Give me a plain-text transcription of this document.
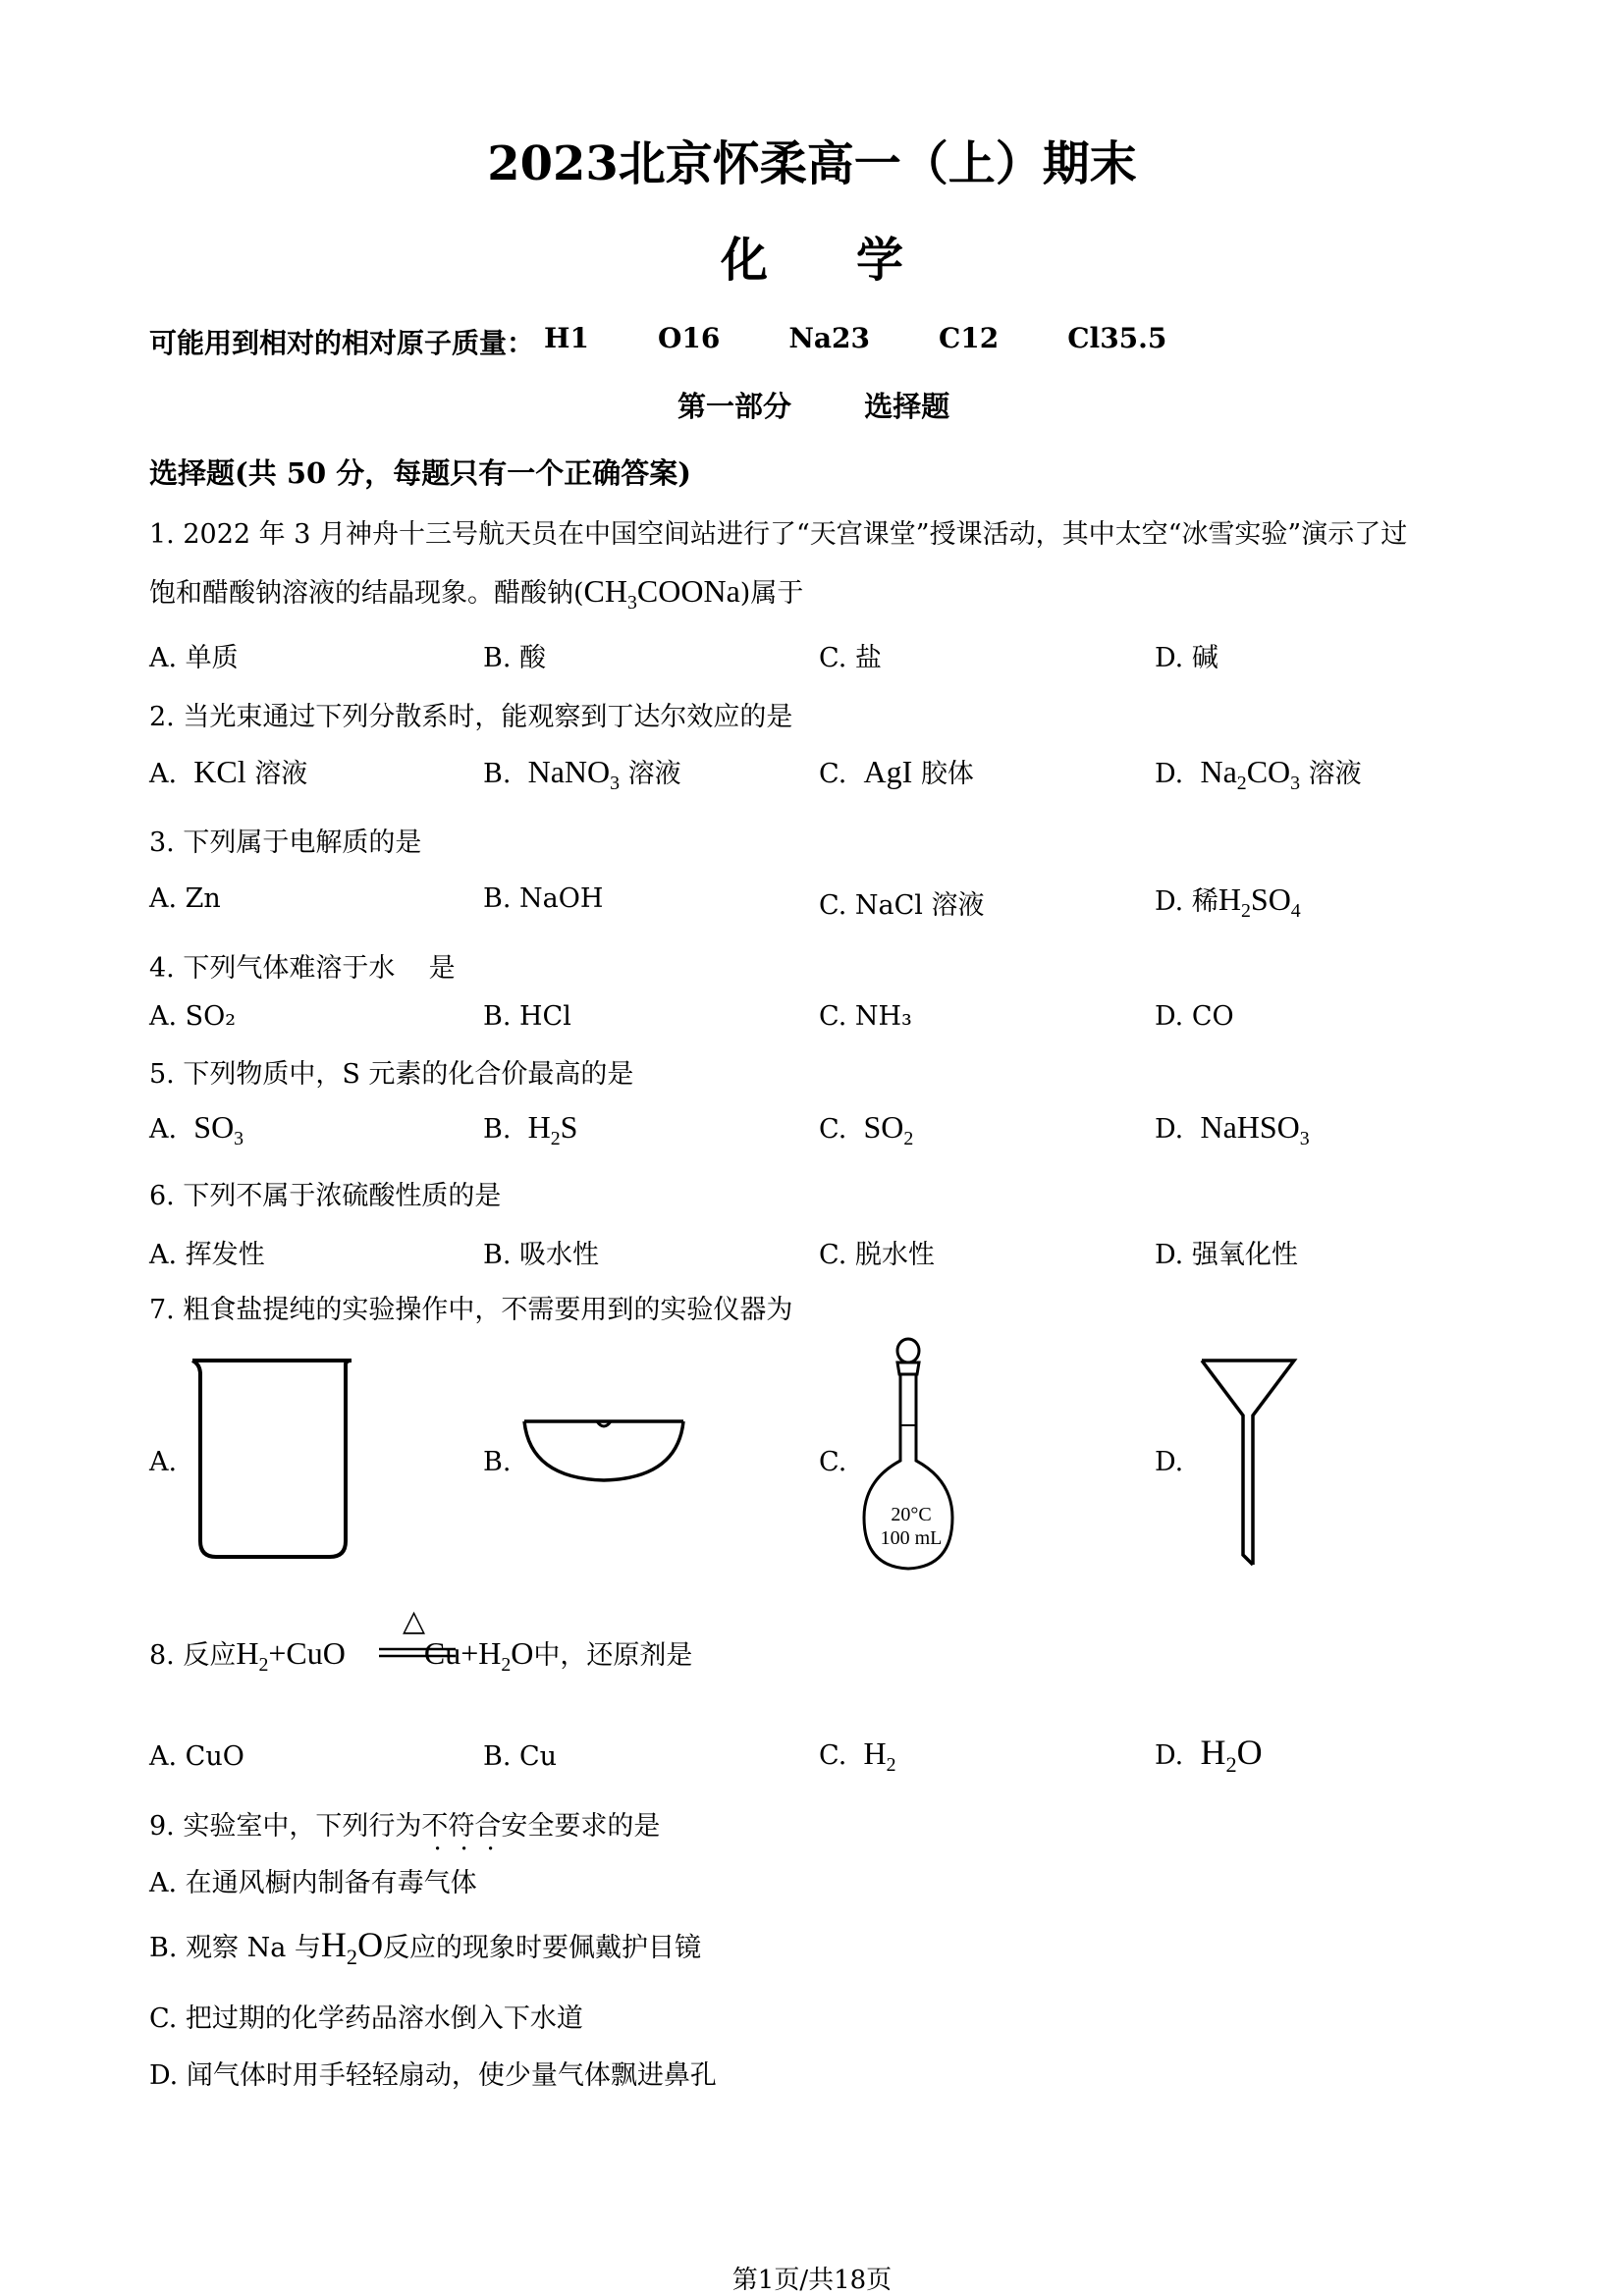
2023北京怀柔高一（上）期末
化学
可能用到相对的相对原子质量： H1	O16	Na23	C12	Cl35.5
第一部分	选择题
选择题(共 50 分，每题只有一个正确答案)
1. 2022 年 3 月神舟十三号航天员在中国空间站进行了“天宫课堂”授课活动，其中太空“冰雪实验”演示了过
饱和醋酸钠溶液的结晶现象。醋酸钠$(CH_3COONa)$属于
A. 单质	B. 酸	C. 盐	D. 碱
2. 当光束通过下列分散系时，能观察到丁达尔效应的是
A. KCl 溶液	B. NaNO$_3$ 溶液	C. AgI 胶体	D. $Na_2CO_3$ 溶液
3. 下列属于电解质的是
A. Zn	B. NaOH	C. NaCl 溶液	D. 稀$H_2SO_4$
4. 下列气体难溶于水    是
A. SO₂	B. HCl	C. NH₃	D. CO
5. 下列物质中，S 元素的化合价最高的是
A. $SO_3$	B. $H_2S$	C. $SO_2$	D. NaHSO$_3$
6. 下列不属于浓硫酸性质的是
A. 挥发性	B. 吸水性	C. 脱水性	D. 强氧化性
7. 粗食盐提纯的实验操作中，不需要用到的实验仪器为
A.	B.	C.
20°C
100 mL
D.
△
8. 反应$H_2+CuO$	$Cu+H_2O$中，还原剂是
A. CuO	B. Cu	C. $H_2$	D. $H_2O$
9. 实验室中，下列行为不符合安全要求的是
A. 在通风橱内制备有毒气体
B. 观察 Na 与$H_2O$反应的现象时要佩戴护目镜
C. 把过期的化学药品溶水倒入下水道
D. 闻气体时用手轻轻扇动，使少量气体飘进鼻孔
第1页/共18页
